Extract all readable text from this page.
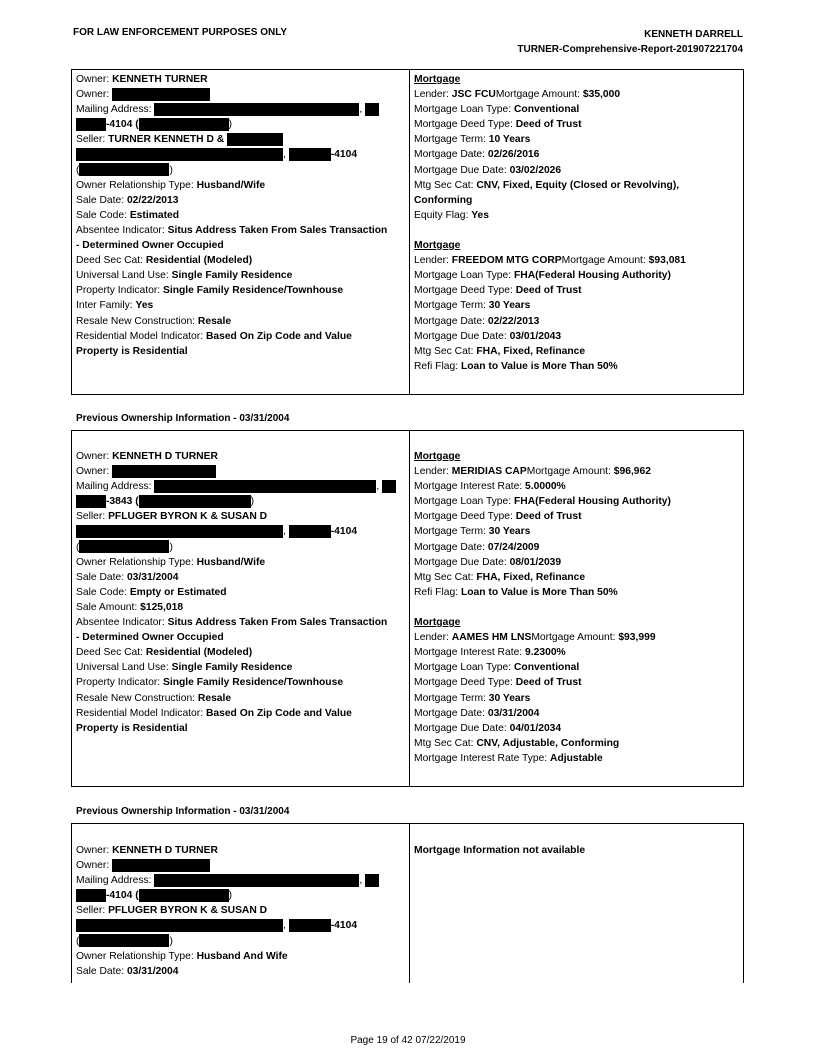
FOR LAW ENFORCEMENT PURPOSES ONLY	KENNETH DARRELL
TURNER-Comprehensive-Report-201907221704
Owner: KENNETH TURNER
Owner:
Mailing Address:	,
-4104 (	)
Seller: TURNER KENNETH D &
,	-4104
(	)
Owner Relationship Type: Husband/Wife
Sale Date: 02/22/2013
Sale Code: Estimated
Absentee Indicator: Situs Address Taken From Sales Transaction
- Determined Owner Occupied
Deed Sec Cat: Residential (Modeled)
Universal Land Use: Single Family Residence
Property Indicator: Single Family Residence/Townhouse
Inter Family: Yes
Resale New Construction: Resale
Residential Model Indicator: Based On Zip Code and Value
Property is Residential
Mortgage
Lender: JSC FCUMortgage Amount: $35,000
Mortgage Loan Type: Conventional
Mortgage Deed Type: Deed of Trust
Mortgage Term: 10 Years
Mortgage Date: 02/26/2016
Mortgage Due Date: 03/02/2026
Mtg Sec Cat: CNV, Fixed, Equity (Closed or Revolving),
Conforming
Equity Flag: Yes
Mortgage
Lender: FREEDOM MTG CORPMortgage Amount: $93,081
Mortgage Loan Type: FHA(Federal Housing Authority)
Mortgage Deed Type: Deed of Trust
Mortgage Term: 30 Years
Mortgage Date: 02/22/2013
Mortgage Due Date: 03/01/2043
Mtg Sec Cat: FHA, Fixed, Refinance
Refi Flag: Loan to Value is More Than 50%
Previous Ownership Information - 03/31/2004
Owner: KENNETH D TURNER
Owner:
Mailing Address:	,
-3843 (	)
Seller: PFLUGER BYRON K & SUSAN D
,	-4104
(	)
Owner Relationship Type: Husband/Wife
Sale Date: 03/31/2004
Sale Code: Empty or Estimated
Sale Amount: $125,018
Absentee Indicator: Situs Address Taken From Sales Transaction
- Determined Owner Occupied
Deed Sec Cat: Residential (Modeled)
Universal Land Use: Single Family Residence
Property Indicator: Single Family Residence/Townhouse
Resale New Construction: Resale
Residential Model Indicator: Based On Zip Code and Value
Property is Residential
Mortgage
Lender: MERIDIAS CAPMortgage Amount: $96,962
Mortgage Interest Rate: 5.0000%
Mortgage Loan Type: FHA(Federal Housing Authority)
Mortgage Deed Type: Deed of Trust
Mortgage Term: 30 Years
Mortgage Date: 07/24/2009
Mortgage Due Date: 08/01/2039
Mtg Sec Cat: FHA, Fixed, Refinance
Refi Flag: Loan to Value is More Than 50%
Mortgage
Lender: AAMES HM LNSMortgage Amount: $93,999
Mortgage Interest Rate: 9.2300%
Mortgage Loan Type: Conventional
Mortgage Deed Type: Deed of Trust
Mortgage Term: 30 Years
Mortgage Date: 03/31/2004
Mortgage Due Date: 04/01/2034
Mtg Sec Cat: CNV, Adjustable, Conforming
Mortgage Interest Rate Type: Adjustable
Previous Ownership Information - 03/31/2004
Owner: KENNETH D TURNER
Owner:
Mailing Address:	,
-4104 (	)
Seller: PFLUGER BYRON K & SUSAN D
,	-4104
(	)
Owner Relationship Type: Husband And Wife
Sale Date: 03/31/2004
Mortgage Information not available
Page 19 of 42 07/22/2019
